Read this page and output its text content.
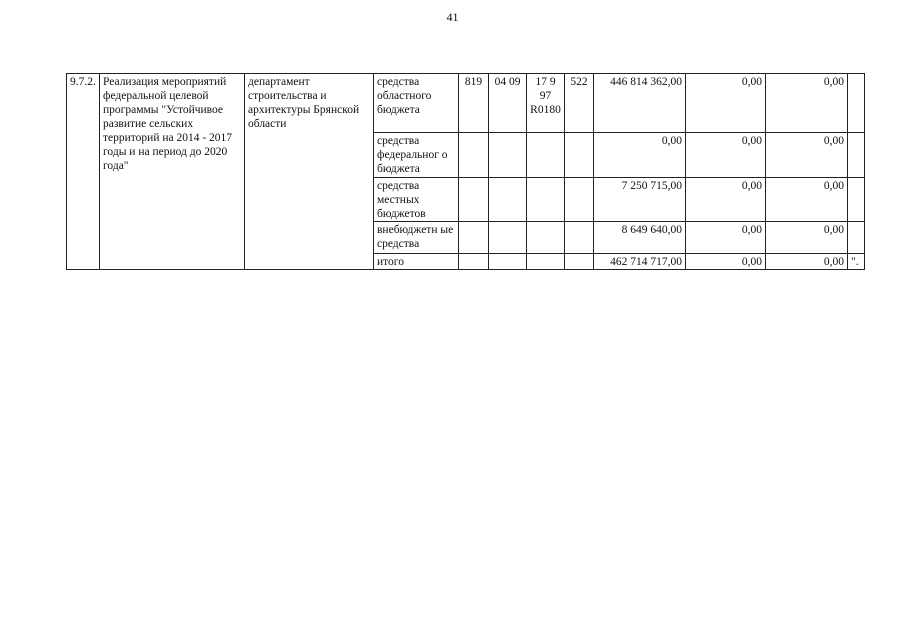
41
9.7.2.	Реализация мероприятий федеральной целевой программы "Устойчивое развитие сельских территорий на 2014 - 2017 годы и на период до 2020 года"	департамент строительства и архитектуры Брянской области	средства областного бюджета	819	04 09	17 9 97 R0180	522	446 814 362,00	0,00	0,00	
			средства федеральног о бюджета					0,00	0,00	0,00	
			средства местных бюджетов					7 250 715,00	0,00	0,00	
			внебюджетн ые средства					8 649 640,00	0,00	0,00	
			итого					462 714 717,00	0,00	0,00	".
